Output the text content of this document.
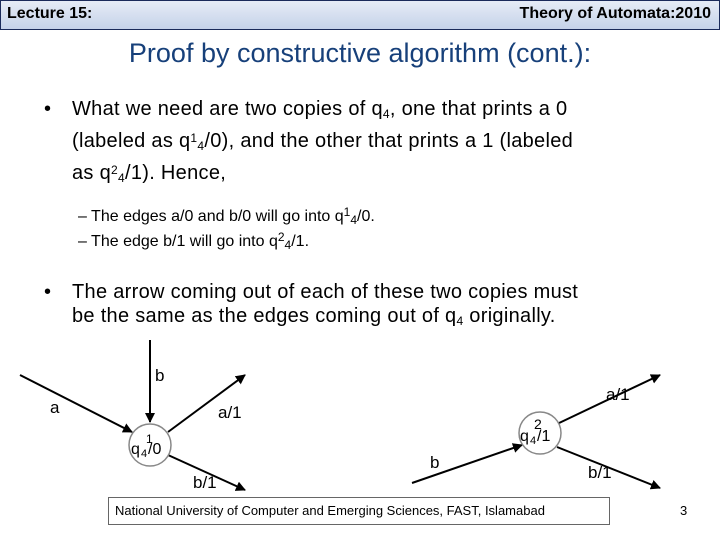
Lecture 15:	Theory of Automata:2010
Proof by constructive algorithm (cont.):
• What we need are two copies of $q_4$, one that prints a 0
(labeled as $q^1_4/0$), and the other that prints a 1 (labeled
as $q^2_4/1$). Hence,
– The edges a/0 and b/0 will go into $q^1_4/0$.
– The edge b/1 will go into $q^2_4/1$.
• The arrow coming out of each of these two copies must
be the same as the edges coming out of $q_4$ originally.
1
q 4 /0
b
a	a/1
b/1
2
q 4 /1
a/1
b
b/1
National University of Computer and Emerging Sciences, FAST, Islamabad	3
